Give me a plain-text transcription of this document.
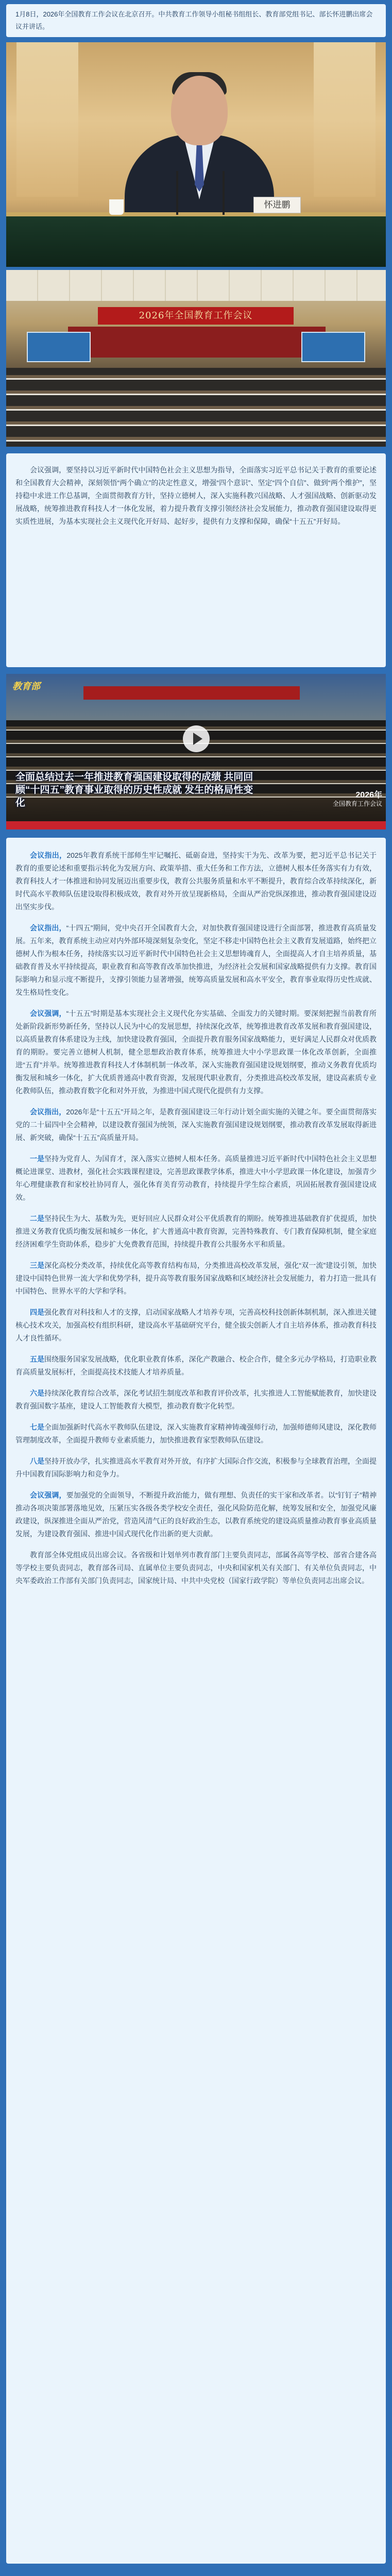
1月8日，2026年全国教育工作会议在北京召开。中共教育工作领导小组秘书组组长、教育部党组书记、部长怀进鹏出席会议并讲话。
怀进鹏
2026年全国教育工作会议

会议强调，要坚持以习近平新时代中国特色社会主义思想为指导，全面落实习近平总书记关于教育的重要论述和全国教育大会精神，深刻领悟“两个确立”的决定性意义，增强“四个意识”、坚定“四个自信”、做到“两个维护”，坚持稳中求进工作总基调，全面贯彻教育方针，坚持立德树人，深入实施科教兴国战略、人才强国战略、创新驱动发展战略，统筹推进教育科技人才一体化发展，着力提升教育支撑引领经济社会发展能力，推动教育强国建设取得更实质性进展，为基本实现社会主义现代化开好局、起好步，提供有力支撑和保障，确保“十五五”开好局。

教育部
全面总结过去一年推进教育强国建设取得的成绩 共同回顾“十四五”教育事业取得的历史性成就 发生的格局性变化
2026年
全国教育工作会议

会议指出，2025年教育系统干部师生牢记嘱托、砥砺奋进，坚持实干为先、改革为要，把习近平总书记关于教育的重要论述和重要指示转化为发展方向、政策举措、重大任务和工作方法，立德树人根本任务落实有力有效，教育科技人才一体推进和协同发展迈出重要步伐，教育公共服务质量和水平不断提升，教育综合改革持续深化，新时代高水平教师队伍建设取得积极成效，教育对外开放呈现新格局，全面从严治党纵深推进，推动教育强国建设迈出坚实步伐。

会议指出，“十四五”期间，党中央召开全国教育大会，对加快教育强国建设进行全面部署，推进教育高质量发展。五年来，教育系统主动应对内外部环境深刻复杂变化，坚定不移走中国特色社会主义教育发展道路，始终把立德树人作为根本任务，持续落实以习近平新时代中国特色社会主义思想铸魂育人，全面提高人才自主培养质量，基础教育普及水平持续提高，职业教育和高等教育改革加快推进，为经济社会发展和国家战略提供有力支撑。教育国际影响力和显示度不断提升，支撑引领能力显著增强，统筹高质量发展和高水平安全，教育事业取得历史性成就、发生格局性变化。

会议强调，“十五五”时期是基本实现社会主义现代化夯实基础、全面发力的关键时期。要深刻把握当前教育所处新阶段新形势新任务，坚持以人民为中心的发展思想，持续深化改革，统筹推进教育改革发展和教育强国建设，以高质量教育体系建设为主线，加快建设教育强国，全面提升教育服务国家战略能力，更好满足人民群众对优质教育的期盼。要完善立德树人机制，健全思想政治教育体系，统筹推进大中小学思政课一体化改革创新，全面推进“五育”并举。统筹推进教育科技人才体制机制一体改革，深入实施教育强国建设规划纲要，推动义务教育优质均衡发展和城乡一体化，扩大优质普通高中教育资源，发展现代职业教育，分类推进高校改革发展，建设高素质专业化教师队伍，推动教育数字化和对外开放，为推进中国式现代化提供有力支撑。

会议指出，2026年是“十五五”开局之年，是教育强国建设三年行动计划全面实施的关键之年。要全面贯彻落实党的二十届四中全会精神，以建设教育强国为统领，深入实施教育强国建设规划纲要，推动教育改革发展取得新进展、新突破，确保“十五五”高质量开局。

一是坚持为党育人、为国育才，深入落实立德树人根本任务。高质量推进习近平新时代中国特色社会主义思想概论进课堂、进教材，强化社会实践课程建设，完善思政课教学体系，推进大中小学思政课一体化建设，加强青少年心理健康教育和家校社协同育人，强化体育美育劳动教育，持续提升学生综合素质，巩固拓展教育强国建设成效。

二是坚持民生为大、基数为先，更好回应人民群众对公平优质教育的期盼。统筹推进基础教育扩优提质，加快推进义务教育优质均衡发展和城乡一体化，扩大普通高中教育资源，完善特殊教育、专门教育保障机制，健全家庭经济困难学生资助体系，稳步扩大免费教育范围，持续提升教育公共服务水平和质量。

三是深化高校分类改革，持续优化高等教育结构布局，分类推进高校改革发展，强化“双一流”建设引领，加快建设中国特色世界一流大学和优势学科，提升高等教育服务国家战略和区域经济社会发展能力，着力打造一批具有中国特色、世界水平的大学和学科。

四是强化教育对科技和人才的支撑，启动国家战略人才培养专项，完善高校科技创新体制机制，深入推进关键核心技术攻关，加强高校有组织科研，建设高水平基础研究平台，健全拔尖创新人才自主培养体系，推动教育科技人才良性循环。

五是围绕服务国家发展战略，优化职业教育体系，深化产教融合、校企合作，健全多元办学格局，打造职业教育高质量发展标杆，全面提高技术技能人才培养质量。

六是持续深化教育综合改革，深化考试招生制度改革和教育评价改革，扎实推进人工智能赋能教育，加快建设教育强国数字基座，建设人工智能教育大模型，推动教育数字化转型。

七是全面加强新时代高水平教师队伍建设，深入实施教育家精神铸魂强师行动，加强师德师风建设，深化教师管理制度改革，全面提升教师专业素质能力，加快推进教育家型教师队伍建设。

八是坚持开放办学，扎实推进高水平教育对外开放，有序扩大国际合作交流，积极参与全球教育治理，全面提升中国教育国际影响力和竞争力。

会议强调，要加强党的全面领导，不断提升政治能力，做有理想、负责任的实干家和改革者。以“钉钉子”精神推动各项决策部署落地见效，压紧压实各级各类学校安全责任，强化风险防范化解，统筹发展和安全，加强党风廉政建设，纵深推进全面从严治党，营造风清气正的良好政治生态，以教育系统党的建设高质量推动教育事业高质量发展，为建设教育强国、推进中国式现代化作出新的更大贡献。

教育部全体党组成员出席会议。各省级和计划单列市教育部门主要负责同志，部属各高等学校、部省合建各高等学校主要负责同志，教育部各司局、直属单位主要负责同志，中央和国家机关有关部门、有关单位负责同志，中央军委政治工作部有关部门负责同志，国家统计局、中共中央党校（国家行政学院）等单位负责同志出席会议。
